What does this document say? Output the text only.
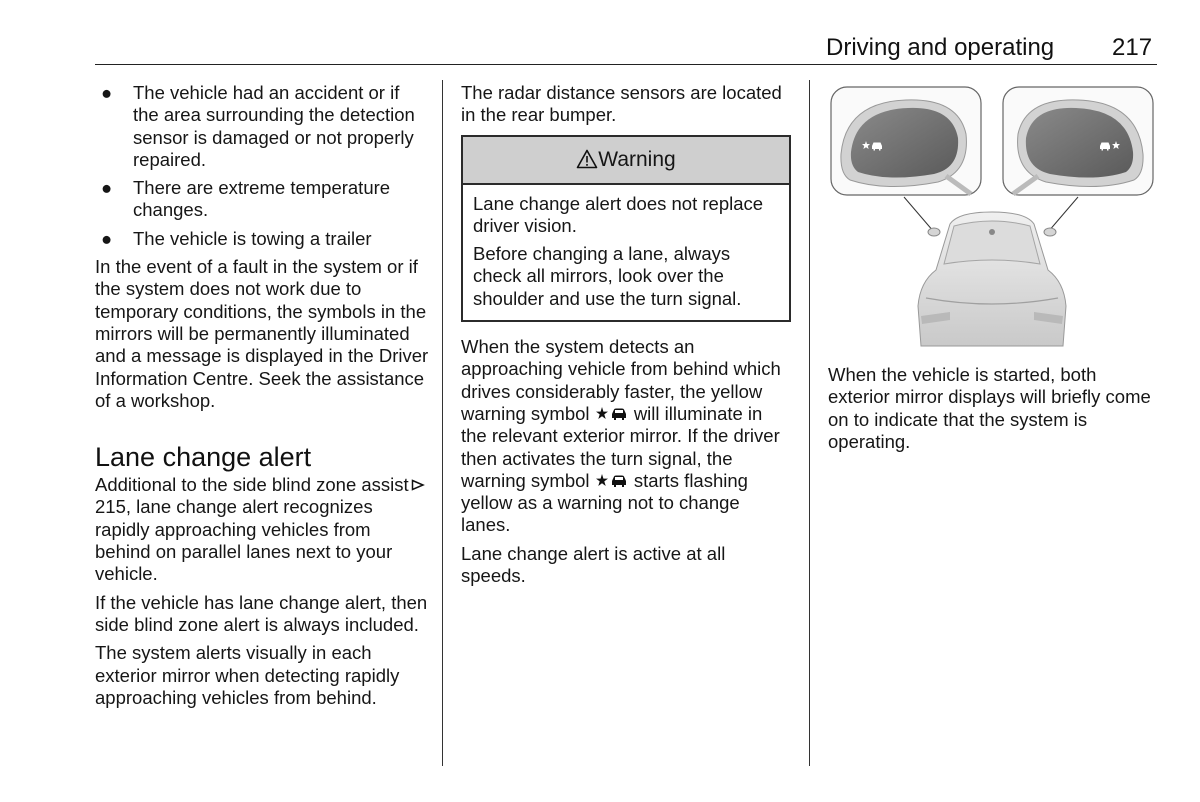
Driving and operating 217
● The vehicle had an accident or if the area surrounding the detection sensor is damaged or not properly repaired.
● There are extreme temperature changes.
● The vehicle is towing a trailer

In the event of a fault in the system or if the system does not work due to temporary conditions, the symbols in the mirrors will be permanently illuminated and a message is displayed in the Driver Information Centre. Seek the assistance of a workshop.

Lane change alert

Additional to the side blind zone assist215, lane change alert recognizes rapidly approaching vehicles from behind on parallel lanes next to your vehicle.

If the vehicle has lane change alert, then side blind zone alert is always included.

The system alerts visually in each exterior mirror when detecting rapidly approaching vehicles from behind.

The radar distance sensors are located in the rear bumper.

Warning

Lane change alert does not replace driver vision.

Before changing a lane, always check all mirrors, look over the shoulder and use the turn signal.

When the system detects an approaching vehicle from behind which drives considerably faster, the yellow warning symbol will illuminate in the relevant exterior mirror. If the driver then activates the turn signal, the warning symbol starts flashing yellow as a warning not to change lanes.

Lane change alert is active at all speeds.

When the vehicle is started, both exterior mirror displays will briefly come on to indicate that the system is operating.
